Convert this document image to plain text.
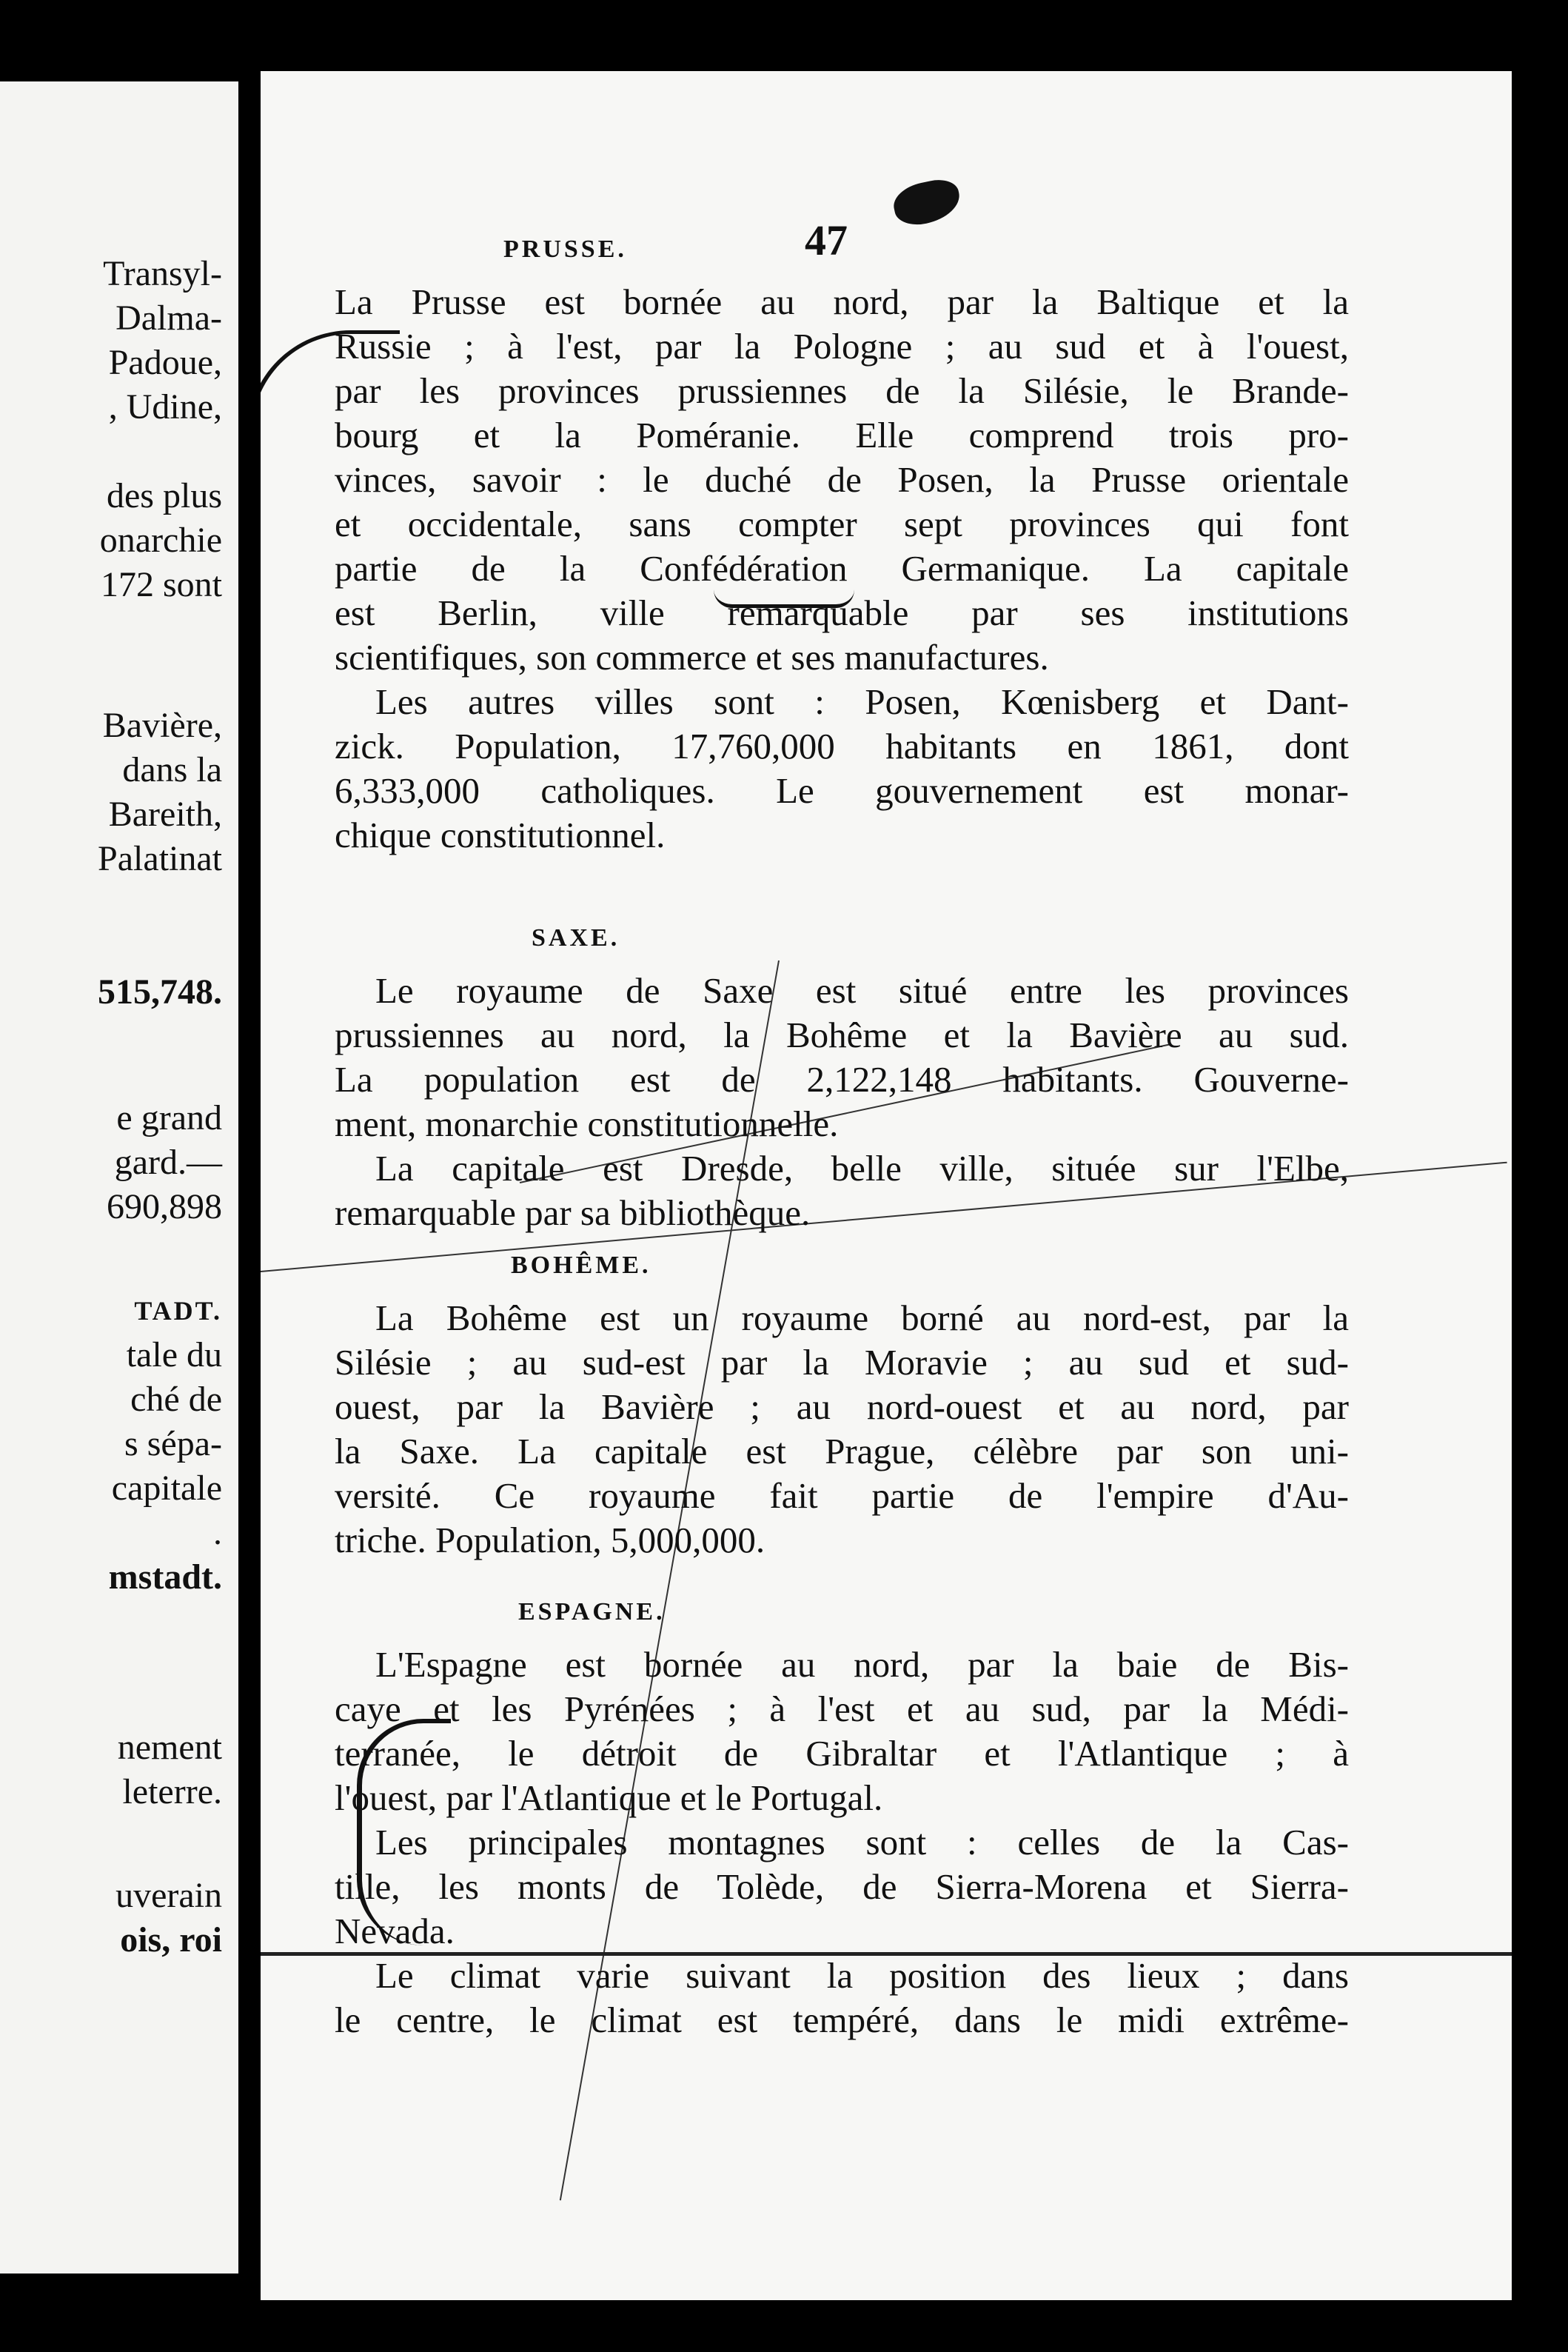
Transyl-
Dalma-
Padoue,
, Udine,
des plus
onarchie
172 sont
Bavière,
dans la
Bareith,
Palatinat
515,748.
e grand
gard.—
690,898
TADT.
tale du
ché de
s sépa-
capitale
.
mstadt.
nement
leterre.
uverain
ois, roi
47
PRUSSE.
La Prusse est bornée au nord, par la Baltique et la
Russie ; à l'est, par la Pologne ; au sud et à l'ouest,
par les provinces prussiennes de la Silésie, le Brande-
bourg et la Poméranie. Elle comprend trois pro-
vinces, savoir : le duché de Posen, la Prusse orientale
et occidentale, sans compter sept provinces qui font
partie de la Confédération Germanique. La capitale
est Berlin, ville remarquable par ses institutions
scientifiques, son commerce et ses manufactures.
Les autres villes sont : Posen, Kœnisberg et Dant-
zick. Population, 17,760,000 habitants en 1861, dont
6,333,000 catholiques. Le gouvernement est monar-
chique constitutionnel.
SAXE.
Le royaume de Saxe est situé entre les provinces
prussiennes au nord, la Bohême et la Bavière au sud.
La population est de 2,122,148 habitants. Gouverne-
ment, monarchie constitutionnelle.
La capitale est Dresde, belle ville, située sur l'Elbe,
remarquable par sa bibliothèque.
BOHÊME.
La Bohême est un royaume borné au nord-est, par la
Silésie ; au sud-est par la Moravie ; au sud et sud-
ouest, par la Bavière ; au nord-ouest et au nord, par
la Saxe. La capitale est Prague, célèbre par son uni-
versité. Ce royaume fait partie de l'empire d'Au-
triche. Population, 5,000,000.
ESPAGNE.
L'Espagne est bornée au nord, par la baie de Bis-
caye et les Pyrénées ; à l'est et au sud, par la Médi-
terranée, le détroit de Gibraltar et l'Atlantique ; à
l'ouest, par l'Atlantique et le Portugal.
Les principales montagnes sont : celles de la Cas-
tille, les monts de Tolède, de Sierra-Morena et Sierra-
Nevada.
Le climat varie suivant la position des lieux ; dans
le centre, le climat est tempéré, dans le midi extrême-
